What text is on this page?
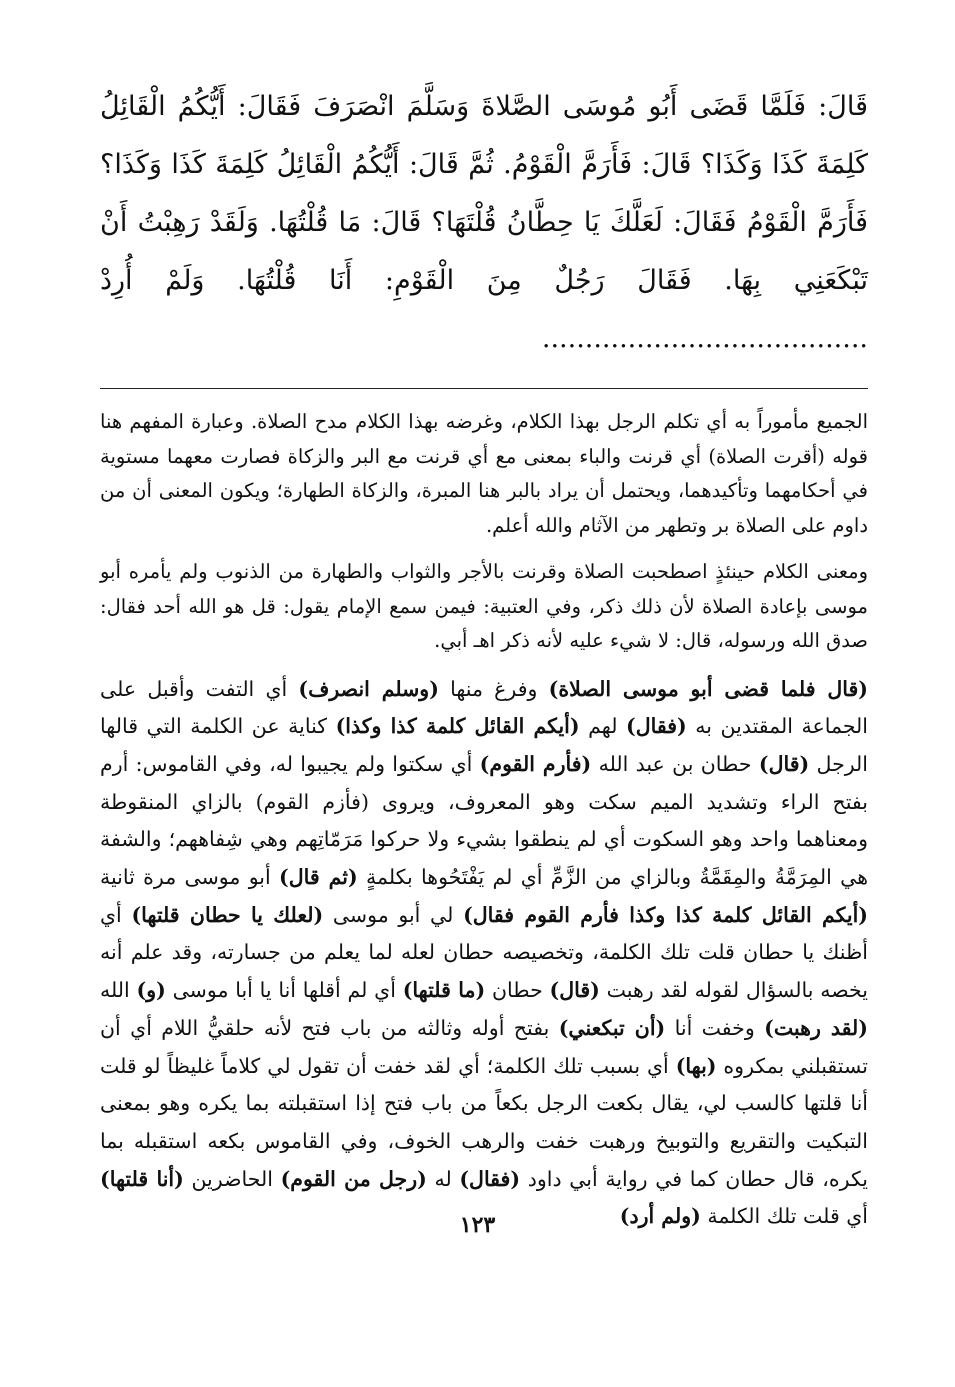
قَالَ: فَلَمَّا قَضَى أَبُو مُوسَى الصَّلاةَ وَسَلَّمَ انْصَرَفَ فَقَالَ: أَيُّكُمُ الْقَائِلُ كَلِمَةَ كَذَا وَكَذَا؟ قَالَ: فَأَرَمَّ الْقَوْمُ. ثُمَّ قَالَ: أَيُّكُمُ الْقَائِلُ كَلِمَةَ كَذَا وَكَذَا؟ فَأَرَمَّ الْقَوْمُ فَقَالَ: لَعَلَّكَ يَا حِطَّانُ قُلْتَهَا؟ قَالَ: مَا قُلْتُهَا. وَلَقَدْ رَهِبْتُ أَنْ تَبْكَعَنِي بِهَا. فَقَالَ رَجُلٌ مِنَ الْقَوْمِ: أَنَا قُلْتُهَا. وَلَمْ أُرِدْ ......................................

الجميع مأموراً به أي تكلم الرجل بهذا الكلام، وغرضه بهذا الكلام مدح الصلاة. وعبارة المفهم هنا قوله (أقرت الصلاة) أي قرنت والباء بمعنى مع أي قرنت مع البر والزكاة فصارت معهما مستوية في أحكامهما وتأكيدهما، ويحتمل أن يراد بالبر هنا المبرة، والزكاة الطهارة؛ ويكون المعنى أن من داوم على الصلاة بر وتطهر من الآثام والله أعلم.

ومعنى الكلام حينئذٍ اصطحبت الصلاة وقرنت بالأجر والثواب والطهارة من الذنوب ولم يأمره أبو موسى بإعادة الصلاة لأن ذلك ذكر، وفي العتبية: فيمن سمع الإمام يقول: قل هو الله أحد فقال: صدق الله ورسوله، قال: لا شيء عليه لأنه ذكر اهـ أبي.

(قال فلما قضى أبو موسى الصلاة) وفرغ منها (وسلم انصرف) أي التفت وأقبل على الجماعة المقتدين به (فقال) لهم (أيكم القائل كلمة كذا وكذا) كناية عن الكلمة التي قالها الرجل (قال) حطان بن عبد الله (فأرم القوم) أي سكتوا ولم يجيبوا له، وفي القاموس: أرم بفتح الراء وتشديد الميم سكت وهو المعروف، ويروى (فأزم القوم) بالزاي المنقوطة ومعناهما واحد وهو السكوت أي لم ينطقوا بشيء ولا حركوا مَرَمّاتِهم وهي شِفاههم؛ والشفة هي المِرَمَّةُ والمِقَمَّةُ وبالزاي من الزَّمِّ أي لم يَفْتَحُوها بكلمةٍ (ثم قال) أبو موسى مرة ثانية (أيكم القائل كلمة كذا وكذا فأرم القوم فقال) لي أبو موسى (لعلك يا حطان قلتها) أي أظنك يا حطان قلت تلك الكلمة، وتخصيصه حطان لعله لما يعلم من جسارته، وقد علم أنه يخصه بالسؤال لقوله لقد رهبت (قال) حطان (ما قلتها) أي لم أقلها أنا يا أبا موسى (و) الله (لقد رهبت) وخفت أنا (أن تبكعني) بفتح أوله وثالثه من باب فتح لأنه حلقيُّ اللام أي أن تستقبلني بمكروه (بها) أي بسبب تلك الكلمة؛ أي لقد خفت أن تقول لي كلاماً غليظاً لو قلت أنا قلتها كالسب لي، يقال بكعت الرجل بكعاً من باب فتح إذا استقبلته بما يكره وهو بمعنى التبكيت والتقريع والتوبيخ ورهبت خفت والرهب الخوف، وفي القاموس بكعه استقبله بما يكره، قال حطان كما في رواية أبي داود (فقال) له (رجل من القوم) الحاضرين (أنا قلتها) أي قلت تلك الكلمة (ولم أرد)

١٢٣
